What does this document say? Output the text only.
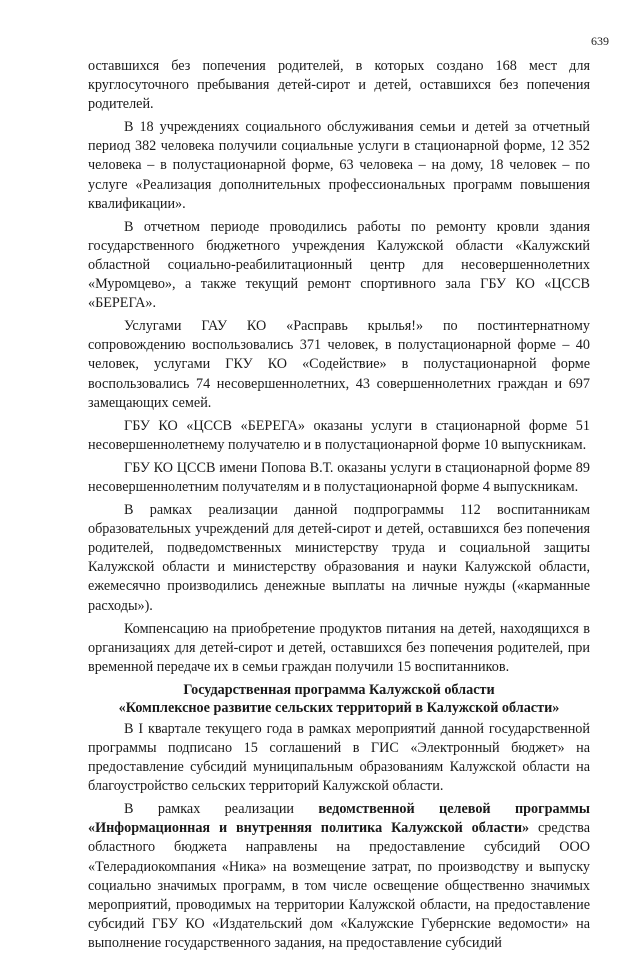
639

оставшихся без попечения родителей, в которых создано 168 мест для круглосуточного пребывания детей-сирот и детей, оставшихся без попечения родителей.

В 18 учреждениях социального обслуживания семьи и детей за отчетный период 382 человека получили социальные услуги в стационарной форме, 12 352 человека – в полустационарной форме, 63 человека – на дому, 18 человек – по услуге «Реализация дополнительных профессиональных программ повышения квалификации».

В отчетном периоде проводились работы по ремонту кровли здания государственного бюджетного учреждения Калужской области «Калужский областной социально-реабилитационный центр для несовершеннолетних «Муромцево», а также текущий ремонт спортивного зала ГБУ КО «ЦССВ «БЕРЕГА».

Услугами ГАУ КО «Расправь крылья!» по постинтернатному сопровождению воспользовались 371 человек, в полустационарной форме – 40 человек, услугами ГКУ КО «Содействие» в полустационарной форме воспользовались 74 несовершеннолетних, 43 совершеннолетних граждан и 697 замещающих семей.

ГБУ КО «ЦССВ «БЕРЕГА» оказаны услуги в стационарной форме 51 несовершеннолетнему получателю и в полустационарной форме 10 выпускникам.

ГБУ КО ЦССВ имени Попова В.Т. оказаны услуги в стационарной форме 89 несовершеннолетним получателям и в полустационарной форме 4 выпускникам.

В рамках реализации данной подпрограммы 112 воспитанникам образовательных учреждений для детей-сирот и детей, оставшихся без попечения родителей, подведомственных министерству труда и социальной защиты Калужской области и министерству образования и науки Калужской области, ежемесячно производились денежные выплаты на личные нужды («карманные расходы»).

Компенсацию на приобретение продуктов питания на детей, находящихся в организациях для детей-сирот и детей, оставшихся без попечения родителей, при временной передаче их в семьи граждан получили 15 воспитанников.

Государственная программа Калужской области
«Комплексное развитие сельских территорий в Калужской области»

В I квартале текущего года в рамках мероприятий данной государственной программы подписано 15 соглашений в ГИС «Электронный бюджет» на предоставление субсидий муниципальным образованиям Калужской области на благоустройство сельских территорий Калужской области.

В рамках реализации ведомственной целевой программы «Информационная и внутренняя политика Калужской области» средства областного бюджета направлены на предоставление субсидий ООО «Телерадиокомпания «Ника» на возмещение затрат, по производству и выпуску социально значимых программ, в том числе освещение общественно значимых мероприятий, проводимых на территории Калужской области, на предоставление субсидий ГБУ КО «Издательский дом «Калужские Губернские ведомости» на выполнение государственного задания, на предоставление субсидий
